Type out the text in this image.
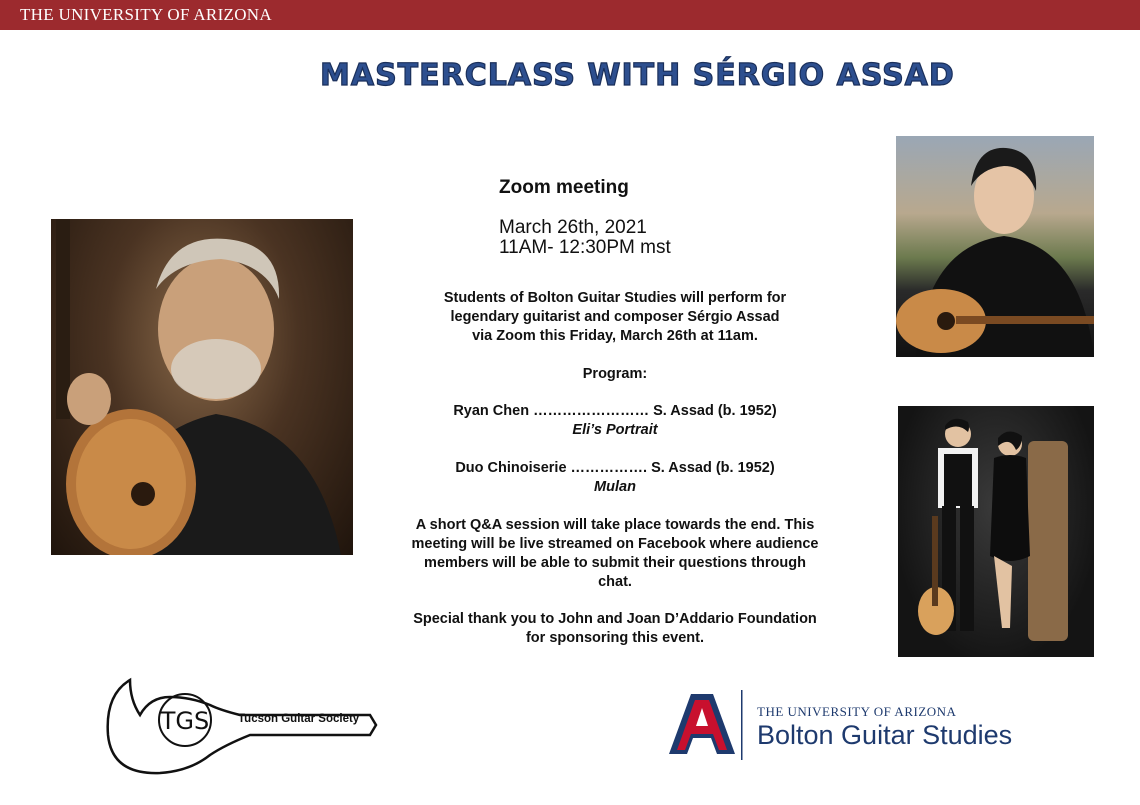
THE UNIVERSITY OF ARIZONA
MASTERCLASS WITH SÉRGIO ASSAD
Zoom meeting
March 26th, 2021
11AM- 12:30PM mst
Students of Bolton Guitar Studies will perform for
legendary guitarist and composer Sérgio Assad
via Zoom this Friday, March 26th at 11am.
Program:
Ryan Chen …………………… S. Assad (b. 1952)
Eli’s Portrait
Duo Chinoiserie ……………. S. Assad (b. 1952)
Mulan
A short Q&A session will take place towards the end. This
meeting will be live streamed on Facebook where audience
members will be able to submit their questions through
chat.
Special thank you to John and Joan D’Addario Foundation
for sponsoring this event.
TGS	Tucson Guitar Society	THE UNIVERSITY OF ARIZONA
Bolton Guitar Studies
